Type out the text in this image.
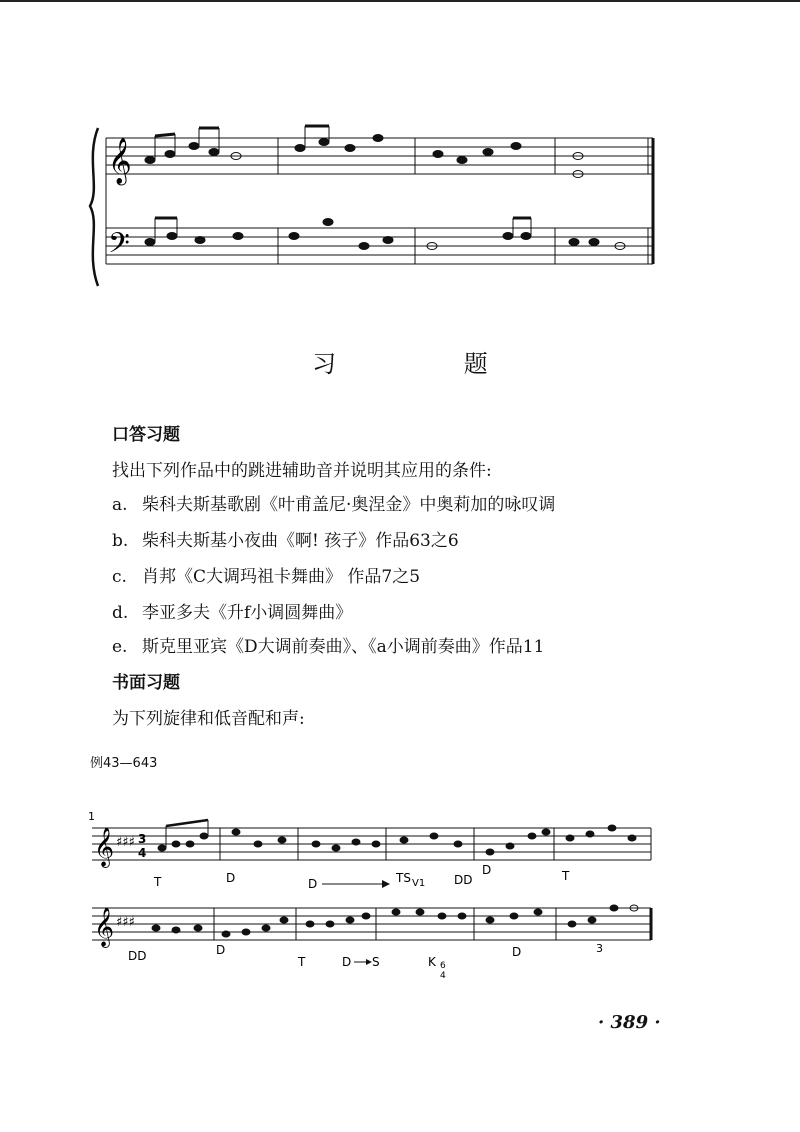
𝄞
𝄢
习 题
口答习题
找出下列作品中的跳进辅助音并说明其应用的条件:
a. 柴科夫斯基歌剧《叶甫盖尼·奥涅金》中奥莉加的咏叹调
b. 柴科夫斯基小夜曲《啊! 孩子》作品63之6
c. 肖邦《C大调玛祖卡舞曲》 作品7之5
d. 李亚多夫《升f小调圆舞曲》
e. 斯克里亚宾《D大调前奏曲》、《a小调前奏曲》作品11
书面习题
为下列旋律和低音配和声:
例43—643
1
𝄞
𝄞
♯♯♯
♯♯♯
3
4
T	D	D	TS V1 DD
D	T
DD	D
T	D S	K 6
4
D	3
· 389 ·
